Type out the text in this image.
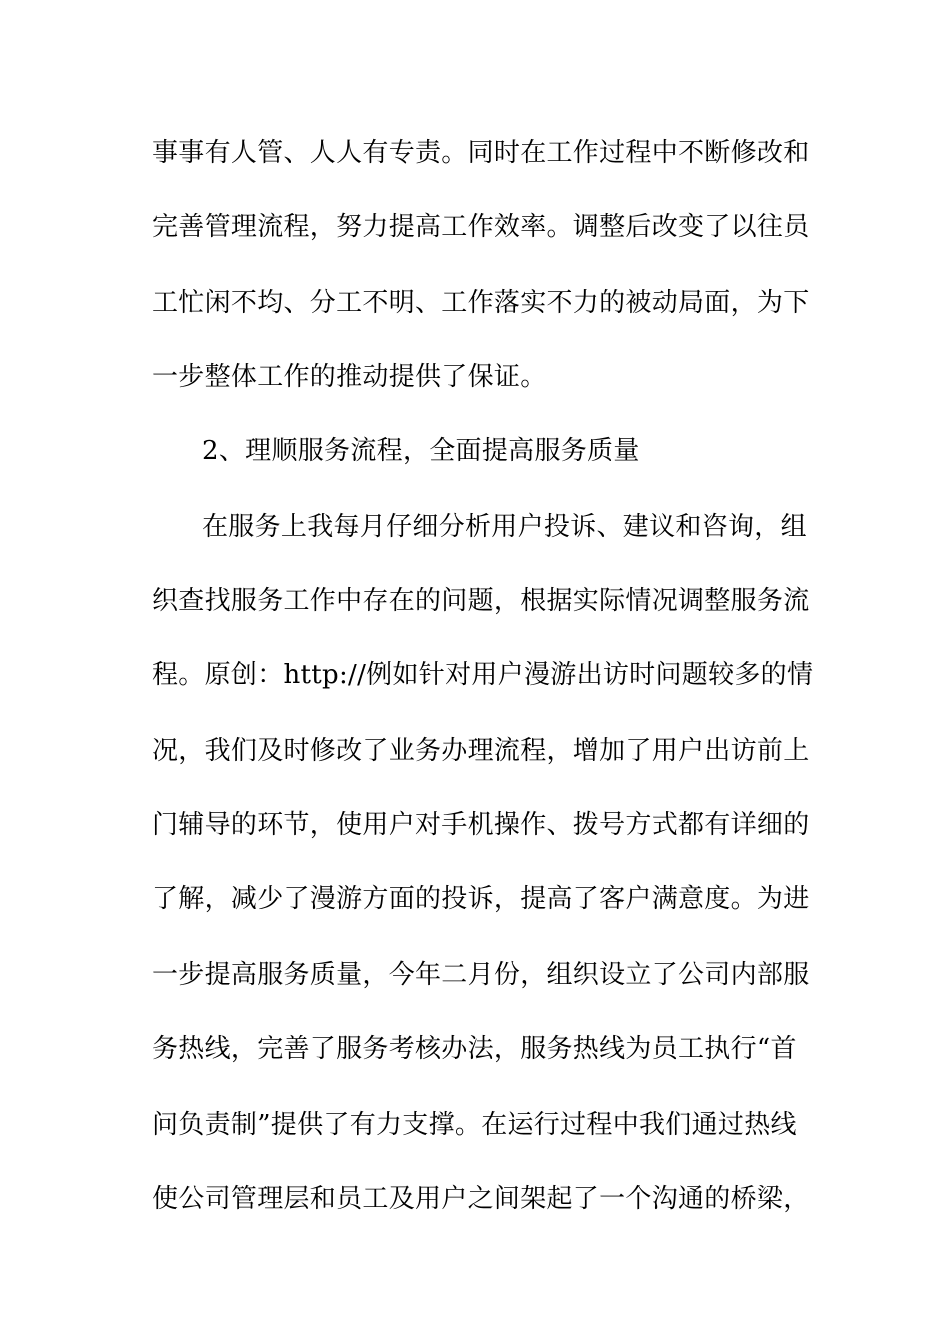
事事有人管、人人有专责。同时在工作过程中不断修改和
完善管理流程，努力提高工作效率。调整后改变了以往员
工忙闲不均、分工不明、工作落实不力的被动局面，为下
一步整体工作的推动提供了保证。
2、理顺服务流程，全面提高服务质量
在服务上我每月仔细分析用户投诉、建议和咨询，组
织查找服务工作中存在的问题，根据实际情况调整服务流
程。原创：http://例如针对用户漫游出访时问题较多的情
况，我们及时修改了业务办理流程，增加了用户出访前上
门辅导的环节，使用户对手机操作、拨号方式都有详细的
了解，减少了漫游方面的投诉，提高了客户满意度。为进
一步提高服务质量，今年二月份，组织设立了公司内部服
务热线，完善了服务考核办法，服务热线为员工执行“首
问负责制”提供了有力支撑。在运行过程中我们通过热线
使公司管理层和员工及用户之间架起了一个沟通的桥梁，
